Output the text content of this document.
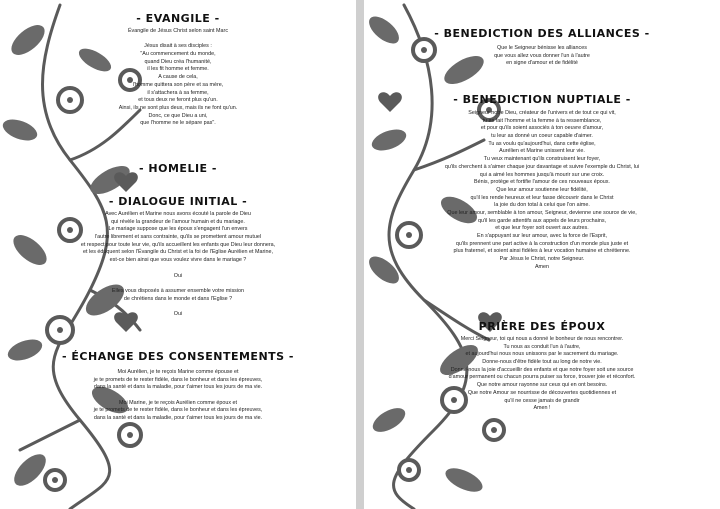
- EVANGILE -
Évangile de Jésus Christ selon saint Marc
Jésus disait à ses disciples :
"Au commencement du monde,
quand Dieu créa l'humanité,
il les fit homme et femme.
A cause de cela,
l'homme quittera son père et sa mère,
il s'attachera à sa femme,
et tous deux ne feront plus qu'un.
Ainsi, ils ne sont plus deux, mais ils ne font qu'un.
Donc, ce que Dieu a uni,
que l'homme ne le sépare pas".
- HOMELIE -
- DIALOGUE INITIAL -
Avec Aurélien et Marine nous avons écouté la parole de Dieu
qui révèle la grandeur de l'amour humain et du mariage.
Le mariage suppose que les époux s'engagent l'un envers
l'autre librement et sans contrainte, qu'ils se promettent amour mutuel
et respect pour toute leur vie, qu'ils accueillent les enfants que Dieu leur donnera,
et les éduquent selon l'Évangile du Christ et la foi de l'Eglise Aurélien et Marine,
est-ce bien ainsi que vous voulez vivre dans le mariage ?
Oui
Elles vous disposés à assumer ensemble votre mission
de chrétiens dans le monde et dans l'Eglise ?
Oui
- ÉCHANGE DES CONSENTEMENTS -
Moi Aurélien, je te reçois Marine comme épouse et
je te promets de te rester fidèle, dans le bonheur et dans les épreuves,
dans la santé et dans la maladie, pour t'aimer tous les jours de ma vie.
Moi Marine, je te reçois Aurélien comme époux et
je te promets de te rester fidèle, dans le bonheur et dans les épreuves,
dans la santé et dans la maladie, pour t'aimer tous les jours de ma vie.
- BENEDICTION DES ALLIANCES -
Que le Seigneur bénisse les alliances
que vous allez vous donner l'un à l'autre
en signe d'amour et de fidélité
- BENEDICTION NUPTIALE -
Seigneur notre Dieu, créateur de l'univers et de tout ce qui vit,
tu as fait l'homme et la femme à ta ressemblance,
et pour qu'ils soient associés à ton oeuvre d'amour,
tu leur as donné un coeur capable d'aimer.
Tu as voulu qu'aujourd'hui, dans cette église,
Aurélien et Marine unissent leur vie.
Tu veux maintenant qu'ils construisent leur foyer,
qu'ils cherchent à s'aimer chaque jour davantage et suivre l'exemple du Christ, lui
qui a aimé les hommes jusqu'à mourir sur une croix.
Bénis, protège et fortifie l'amour de ces nouveaux époux.
Que leur amour soutienne leur fidélité,
qu'il les rende heureux et leur fasse découvrir dans le Christ
la joie du don total à celui que l'on aime.
Que leur amour, semblable à ton amour, Seigneur, devienne une source de vie,
qu'il les garde attentifs aux appels de leurs prochains,
et que leur foyer soit ouvert aux autres.
En s'appuyant sur leur amour, avec la force de l'Esprit,
qu'ils prennent une part active à la construction d'un monde plus juste et
plus fraternel, et soient ainsi fidèles à leur vocation humaine et chrétienne.
Par Jésus le Christ, notre Seigneur.
Amen
PRIÈRE DES ÉPOUX
Merci Seigneur, toi qui nous a donné le bonheur de nous rencontrer.
Tu nous as conduit l'un à l'autre,
et aujourd'hui nous nous unissons par le sacrement du mariage.
Donne-nous d'être fidèle tout au long de notre vie.
Donne-nous la joie d'accueillir des enfants et que notre foyer soit une source
d'amour permanent ou chacun pourra puiser sa force, trouver joie et réconfort.
Que notre amour rayonne sur ceux qui en ont besoins.
Que notre Amour se nourrisse de découvertes quotidiennes et
qu'il ne cesse jamais de grandir
Amen !
